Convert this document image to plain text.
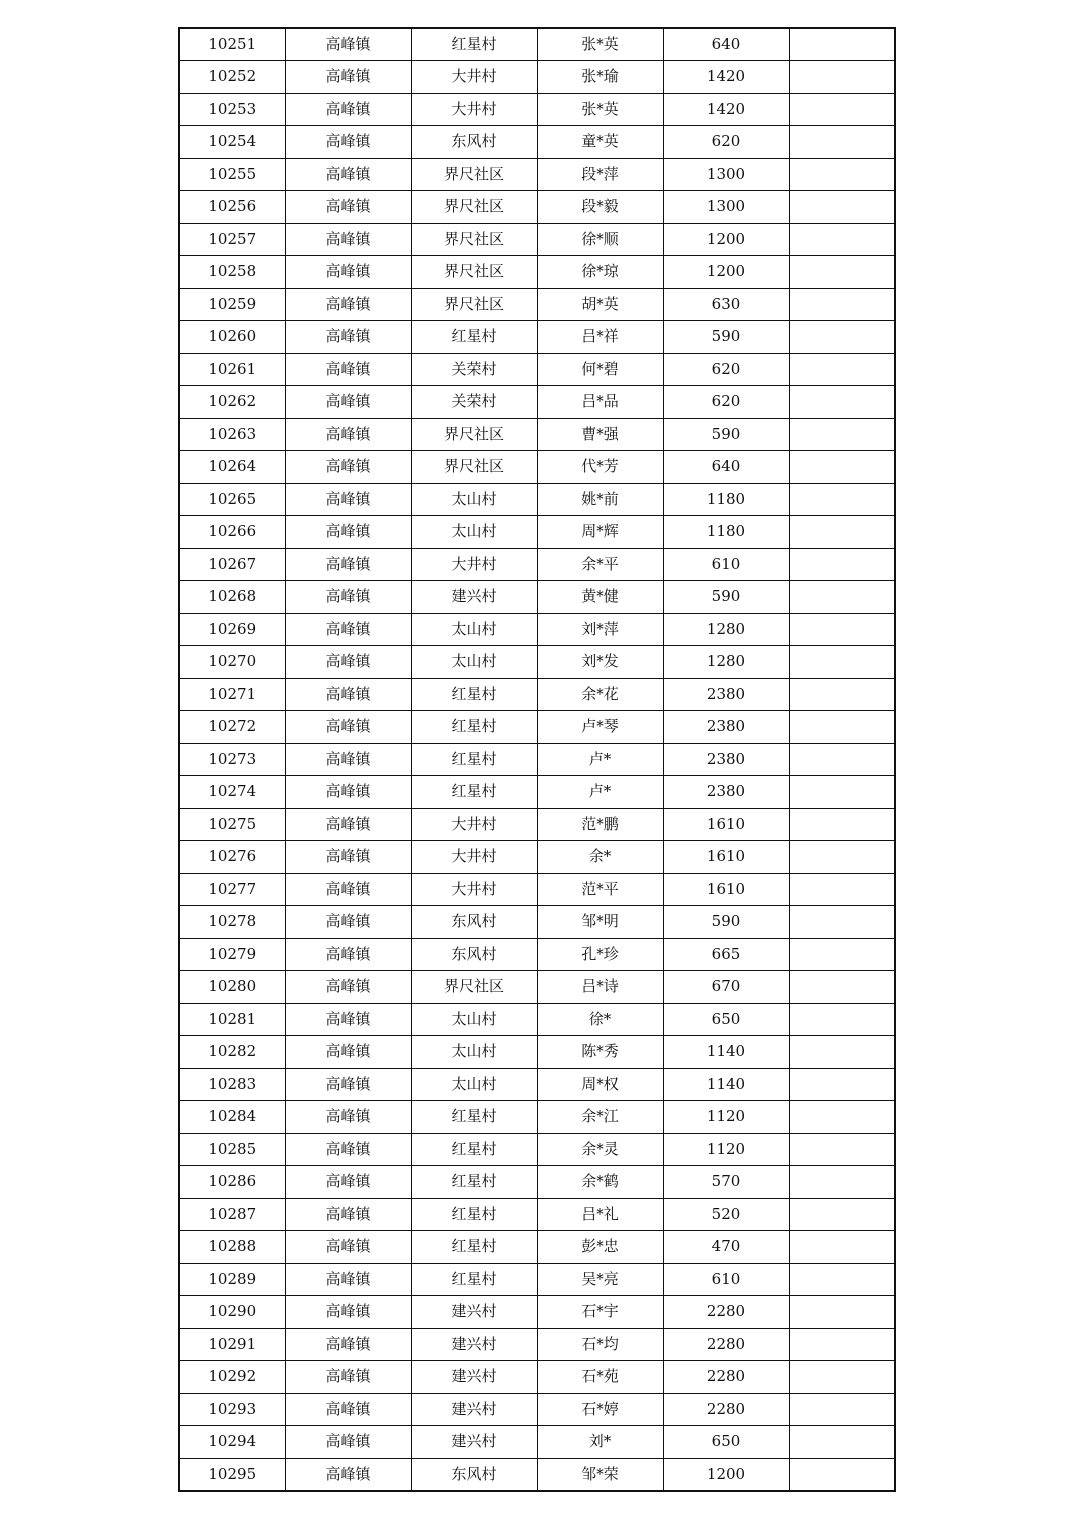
10251	高峰镇	红星村	张*英	640	
10252	高峰镇	大井村	张*瑜	1420	
10253	高峰镇	大井村	张*英	1420	
10254	高峰镇	东风村	童*英	620	
10255	高峰镇	界尺社区	段*萍	1300	
10256	高峰镇	界尺社区	段*毅	1300	
10257	高峰镇	界尺社区	徐*顺	1200	
10258	高峰镇	界尺社区	徐*琼	1200	
10259	高峰镇	界尺社区	胡*英	630	
10260	高峰镇	红星村	吕*祥	590	
10261	高峰镇	关荣村	何*碧	620	
10262	高峰镇	关荣村	吕*品	620	
10263	高峰镇	界尺社区	曹*强	590	
10264	高峰镇	界尺社区	代*芳	640	
10265	高峰镇	太山村	姚*前	1180	
10266	高峰镇	太山村	周*辉	1180	
10267	高峰镇	大井村	余*平	610	
10268	高峰镇	建兴村	黄*健	590	
10269	高峰镇	太山村	刘*萍	1280	
10270	高峰镇	太山村	刘*发	1280	
10271	高峰镇	红星村	余*花	2380	
10272	高峰镇	红星村	卢*琴	2380	
10273	高峰镇	红星村	卢*	2380	
10274	高峰镇	红星村	卢*	2380	
10275	高峰镇	大井村	范*鹏	1610	
10276	高峰镇	大井村	余*	1610	
10277	高峰镇	大井村	范*平	1610	
10278	高峰镇	东风村	邹*明	590	
10279	高峰镇	东风村	孔*珍	665	
10280	高峰镇	界尺社区	吕*诗	670	
10281	高峰镇	太山村	徐*	650	
10282	高峰镇	太山村	陈*秀	1140	
10283	高峰镇	太山村	周*权	1140	
10284	高峰镇	红星村	余*江	1120	
10285	高峰镇	红星村	余*灵	1120	
10286	高峰镇	红星村	余*鹤	570	
10287	高峰镇	红星村	吕*礼	520	
10288	高峰镇	红星村	彭*忠	470	
10289	高峰镇	红星村	吴*亮	610	
10290	高峰镇	建兴村	石*宇	2280	
10291	高峰镇	建兴村	石*均	2280	
10292	高峰镇	建兴村	石*苑	2280	
10293	高峰镇	建兴村	石*婷	2280	
10294	高峰镇	建兴村	刘*	650	
10295	高峰镇	东风村	邹*荣	1200	
